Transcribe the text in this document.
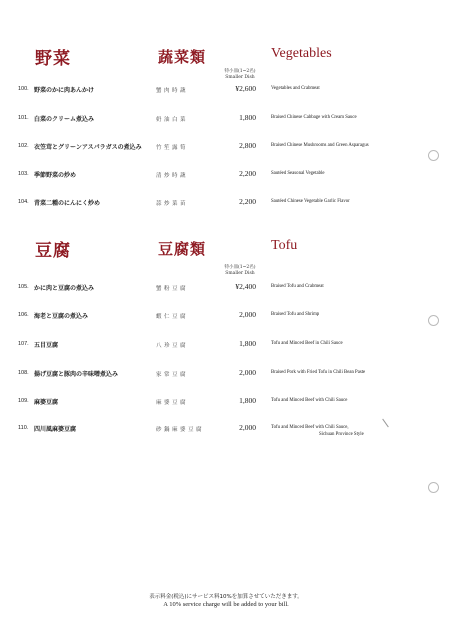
野菜	蔬菜類	Vegetables
特小皿(1~2名)
Smaller Dish
100. 野菜のかに肉あんかけ	蟹肉時蔬	¥2,600	Vegetables and Crabmeat
101. 白菜のクリーム煮込み	奶油白菜	1,800	Braised Chinese Cabbage with Cream Sauce
102. 衣笠茸とグリーンアスパラガスの煮込み	竹笙露筍	2,800	Braised Chinese Mushrooms and Green Asparagus
103. 季節野菜の炒め	清炒時蔬	2,200	Sautéed Seasonal Vegetable
104. 青菜二種のにんにく炒め	蒜炒菜苗	2,200	Sautéed Chinese Vegetable Garlic Flavor
豆腐	豆腐類	Tofu
特小皿(1~2名)
Smaller Dish
105. かに肉と豆腐の煮込み	蟹粉豆腐	¥2,400	Braised Tofu and Crabmeat
106. 海老と豆腐の煮込み	蝦仁豆腐	2,000	Braised Tofu and Shrimp
107. 五目豆腐	八珍豆腐	1,800	Tofu and Minced Beef in Chili Sauce
108. 揚げ豆腐と豚肉の辛味噌煮込み	家常豆腐	2,000	Braised Pork with Fried Tofu in Chili Bean Paste
109. 麻婆豆腐	麻婆豆腐	1,800	Tofu and Minced Beef with Chili Sauce
110. 四川風麻婆豆腐	砂鍋麻婆豆腐	2,000	Tofu and Minced Beef with Chili Sauce,
Sichuan Province Style
表示料金(税込)にサービス料10%を加算させていただきます。
A 10% service charge will be added to your bill.
